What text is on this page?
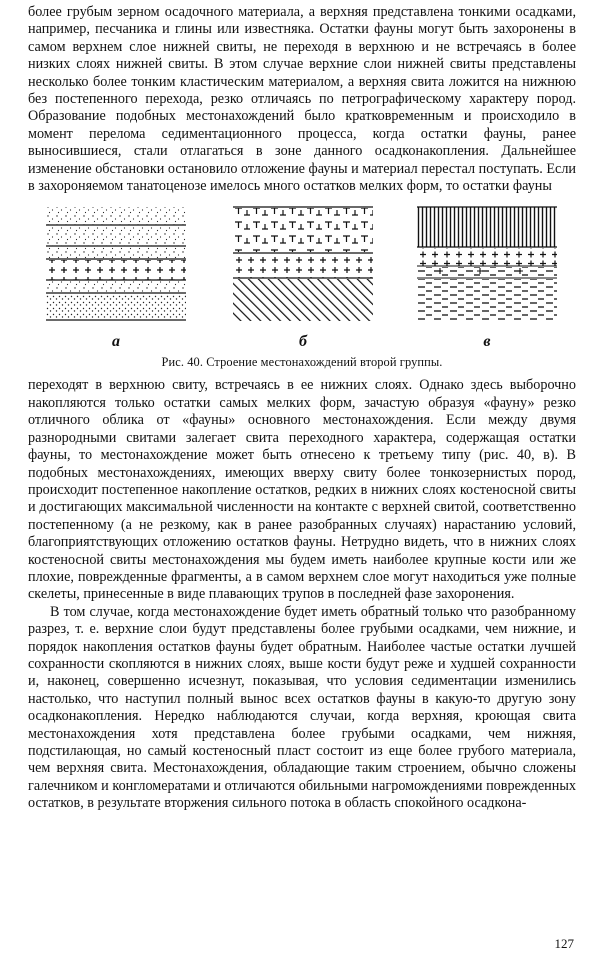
более грубым зерном осадочного материала, а верхняя представлена тонкими осадками, например, песчаника и глины или известняка. Остатки фауны могут быть захоронены в самом верхнем слое нижней свиты, не переходя в верхнюю и не встречаясь в более низких слоях нижней свиты. В этом случае верхние слои нижней свиты представлены несколько более тонким кластическим материалом, а верхняя свита ложится на нижнюю без постепенного перехода, резко отличаясь по петрографическому характеру пород. Образование подобных местонахождений было кратковременным и происходило в момент перелома седиментационного процесса, когда остатки фауны, ранее выносившиеся, стали отлагаться в зоне данного осадконакопления. Дальнейшее изменение обстановки остановило отложение фауны и материал перестал поступать. Если в захороняемом танатоценозе имелось много остатков мелких форм, то остатки фауны

а	б	в
Рис. 40. Строение местонахождений второй группы.

переходят в верхнюю свиту, встречаясь в ее нижних слоях. Однако здесь выборочно накопляются только остатки самых мелких форм, зачастую образуя «фауну» резко отличного облика от «фауны» основного местонахождения. Если между двумя разнородными свитами залегает свита переходного характера, содержащая остатки фауны, то местонахождение может быть отнесено к третьему типу (рис. 40, в). В подобных местонахождениях, имеющих вверху свиту более тонкозернистых пород, происходит постепенное накопление остатков, редких в нижних слоях костеносной свиты и достигающих максимальной численности на контакте с верхней свитой, соответственно постепенному (а не резкому, как в ранее разобранных случаях) нарастанию условий, благоприятствующих отложению остатков фауны. Нетрудно видеть, что в нижних слоях костеносной свиты местонахождения мы будем иметь наиболее крупные кости или же плохие, поврежденные фрагменты, а в самом верхнем слое могут находиться уже полные скелеты, принесенные в виде плавающих трупов в последней фазе захоронения.

В том случае, когда местонахождение будет иметь обратный только что разобранному разрез, т. е. верхние слои будут представлены более грубыми осадками, чем нижние, и порядок накопления остатков фауны будет обратным. Наиболее частые остатки лучшей сохранности скопляются в нижних слоях, выше кости будут реже и худшей сохранности и, наконец, совершенно исчезнут, показывая, что условия седиментации изменились настолько, что наступил полный вынос всех остатков фауны в какую-то другую зону осадконакопления. Нередко наблюдаются случаи, когда верхняя, кроющая свита местонахождения хотя представлена более грубыми осадками, чем нижняя, подстилающая, но самый костеносный пласт состоит из еще более грубого материала, чем верхняя свита. Местонахождения, обладающие таким строением, обычно сложены галечником и конгломератами и отличаются обильными нагромождениями поврежденных остатков, в результате вторжения сильного потока в область спокойного осадкона-

127
